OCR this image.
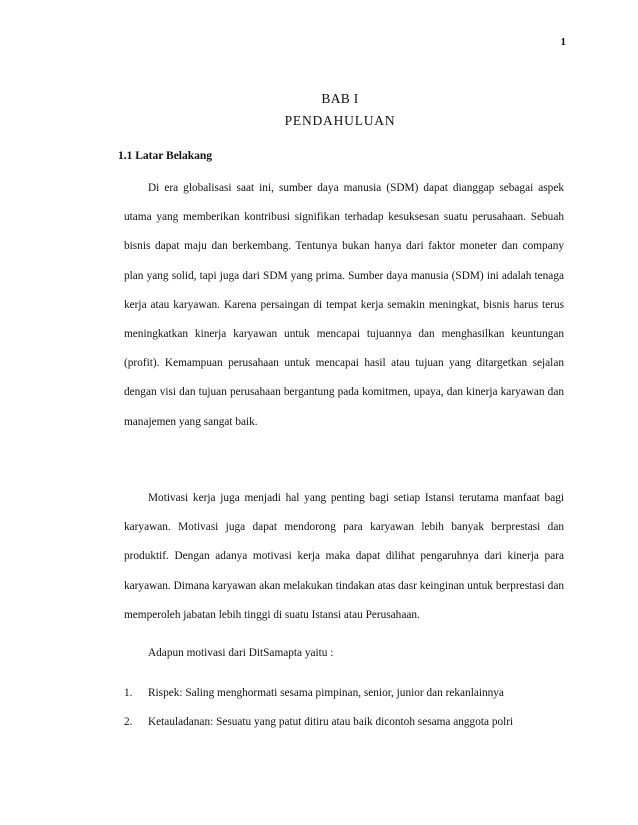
1
BAB I
PENDAHULUAN
1.1 Latar Belakang

Di era globalisasi saat ini, sumber daya manusia (SDM) dapat dianggap sebagai aspek utama yang memberikan kontribusi signifikan terhadap kesuksesan suatu perusahaan. Sebuah bisnis dapat maju dan berkembang. Tentunya bukan hanya dari faktor moneter dan company plan yang solid, tapi juga dari SDM yang prima. Sumber daya manusia (SDM) ini adalah tenaga kerja atau karyawan. Karena persaingan di tempat kerja semakin meningkat, bisnis harus terus meningkatkan kinerja karyawan untuk mencapai tujuannya dan menghasilkan keuntungan (profit). Kemampuan perusahaan untuk mencapai hasil atau tujuan yang ditargetkan sejalan dengan visi dan tujuan perusahaan bergantung pada komitmen, upaya, dan kinerja karyawan dan manajemen yang sangat baik.

Motivasi kerja juga menjadi hal yang penting bagi setiap Istansi terutama manfaat bagi karyawan. Motivasi juga dapat mendorong para karyawan lebih banyak berprestasi dan produktif. Dengan adanya motivasi kerja maka dapat dilihat pengaruhnya dari kinerja para karyawan. Dimana karyawan akan melakukan tindakan atas dasr keinginan untuk berprestasi dan memperoleh jabatan lebih tinggi di suatu Istansi atau Perusahaan.

Adapun motivasi dari DitSamapta yaitu :

1. Rispek: Saling menghormati sesama pimpinan, senior, junior dan rekanlainnya
2. Ketauladanan: Sesuatu yang patut ditiru atau baik dicontoh sesama anggota polri
